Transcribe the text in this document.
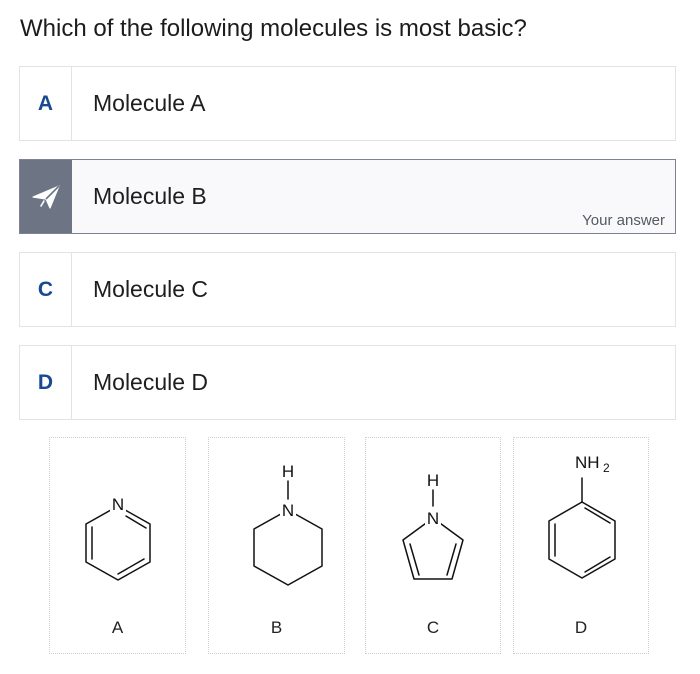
Which of the following molecules is most basic?
A	Molecule A
Molecule B
Your answer
C	Molecule C
D	Molecule D
N
A
H
N
B
H
N
C
NH 2
D
